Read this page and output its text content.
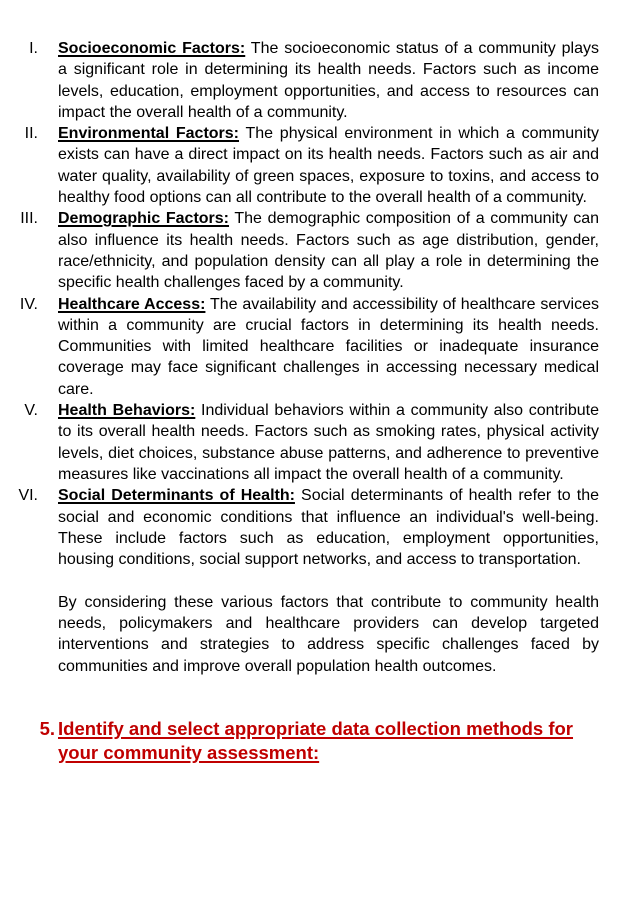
I. Socioeconomic Factors: The socioeconomic status of a community plays a significant role in determining its health needs. Factors such as income levels, education, employment opportunities, and access to resources can impact the overall health of a community.
II. Environmental Factors: The physical environment in which a community exists can have a direct impact on its health needs. Factors such as air and water quality, availability of green spaces, exposure to toxins, and access to healthy food options can all contribute to the overall health of a community.
III. Demographic Factors: The demographic composition of a community can also influence its health needs. Factors such as age distribution, gender, race/ethnicity, and population density can all play a role in determining the specific health challenges faced by a community.
IV. Healthcare Access: The availability and accessibility of healthcare services within a community are crucial factors in determining its health needs. Communities with limited healthcare facilities or inadequate insurance coverage may face significant challenges in accessing necessary medical care.
V. Health Behaviors: Individual behaviors within a community also contribute to its overall health needs. Factors such as smoking rates, physical activity levels, diet choices, substance abuse patterns, and adherence to preventive measures like vaccinations all impact the overall health of a community.
VI. Social Determinants of Health: Social determinants of health refer to the social and economic conditions that influence an individual's well-being. These include factors such as education, employment opportunities, housing conditions, social support networks, and access to transportation.

By considering these various factors that contribute to community health needs, policymakers and healthcare providers can develop targeted interventions and strategies to address specific challenges faced by communities and improve overall population health outcomes.

5. Identify and select appropriate data collection methods for your community assessment:
